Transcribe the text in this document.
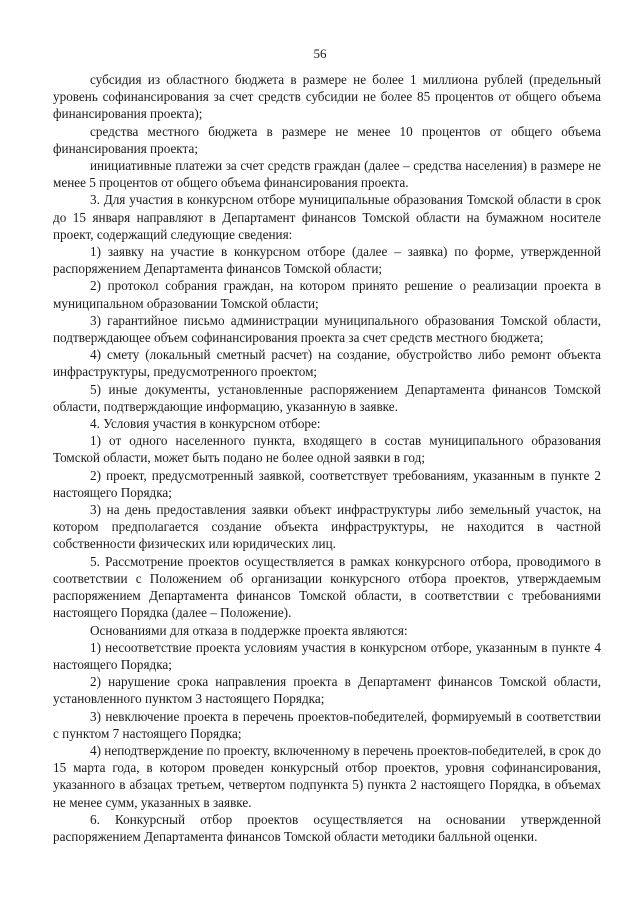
56

субсидия из областного бюджета в размере не более 1 миллиона рублей (предельный уровень софинансирования за счет средств субсидии не более 85 процентов от общего объема финансирования проекта);

средства местного бюджета в размере не менее 10 процентов от общего объема финансирования проекта;

инициативные платежи за счет средств граждан (далее – средства населения) в размере не менее 5 процентов от общего объема финансирования проекта.

3. Для участия в конкурсном отборе муниципальные образования Томской области в срок до 15 января направляют в Департамент финансов Томской области на бумажном носителе проект, содержащий следующие сведения:

1) заявку на участие в конкурсном отборе (далее – заявка) по форме, утвержденной распоряжением Департамента финансов Томской области;

2) протокол собрания граждан, на котором принято решение о реализации проекта в муниципальном образовании Томской области;

3) гарантийное письмо администрации муниципального образования Томской области, подтверждающее объем софинансирования проекта за счет средств местного бюджета;

4) смету (локальный сметный расчет) на создание, обустройство либо ремонт объекта инфраструктуры, предусмотренного проектом;

5) иные документы, установленные распоряжением Департамента финансов Томской области, подтверждающие информацию, указанную в заявке.

4. Условия участия в конкурсном отборе:

1) от одного населенного пункта, входящего в состав муниципального образования Томской области, может быть подано не более одной заявки в год;

2) проект, предусмотренный заявкой, соответствует требованиям, указанным в пункте 2 настоящего Порядка;

3) на день предоставления заявки объект инфраструктуры либо земельный участок, на котором предполагается создание объекта инфраструктуры, не находится в частной собственности физических или юридических лиц.

5. Рассмотрение проектов осуществляется в рамках конкурсного отбора, проводимого в соответствии с Положением об организации конкурсного отбора проектов, утверждаемым распоряжением Департамента финансов Томской области, в соответствии с требованиями настоящего Порядка (далее – Положение).

Основаниями для отказа в поддержке проекта являются:

1) несоответствие проекта условиям участия в конкурсном отборе, указанным в пункте 4 настоящего Порядка;

2) нарушение срока направления проекта в Департамент финансов Томской области, установленного пунктом 3 настоящего Порядка;

3) невключение проекта в перечень проектов-победителей, формируемый в соответствии с пунктом 7 настоящего Порядка;

4) неподтверждение по проекту, включенному в перечень проектов-победителей, в срок до 15 марта года, в котором проведен конкурсный отбор проектов, уровня софинансирования, указанного в абзацах третьем, четвертом подпункта 5) пункта 2 настоящего Порядка, в объемах не менее сумм, указанных в заявке.

6. Конкурсный отбор проектов осуществляется на основании утвержденной распоряжением Департамента финансов Томской области методики балльной оценки.
